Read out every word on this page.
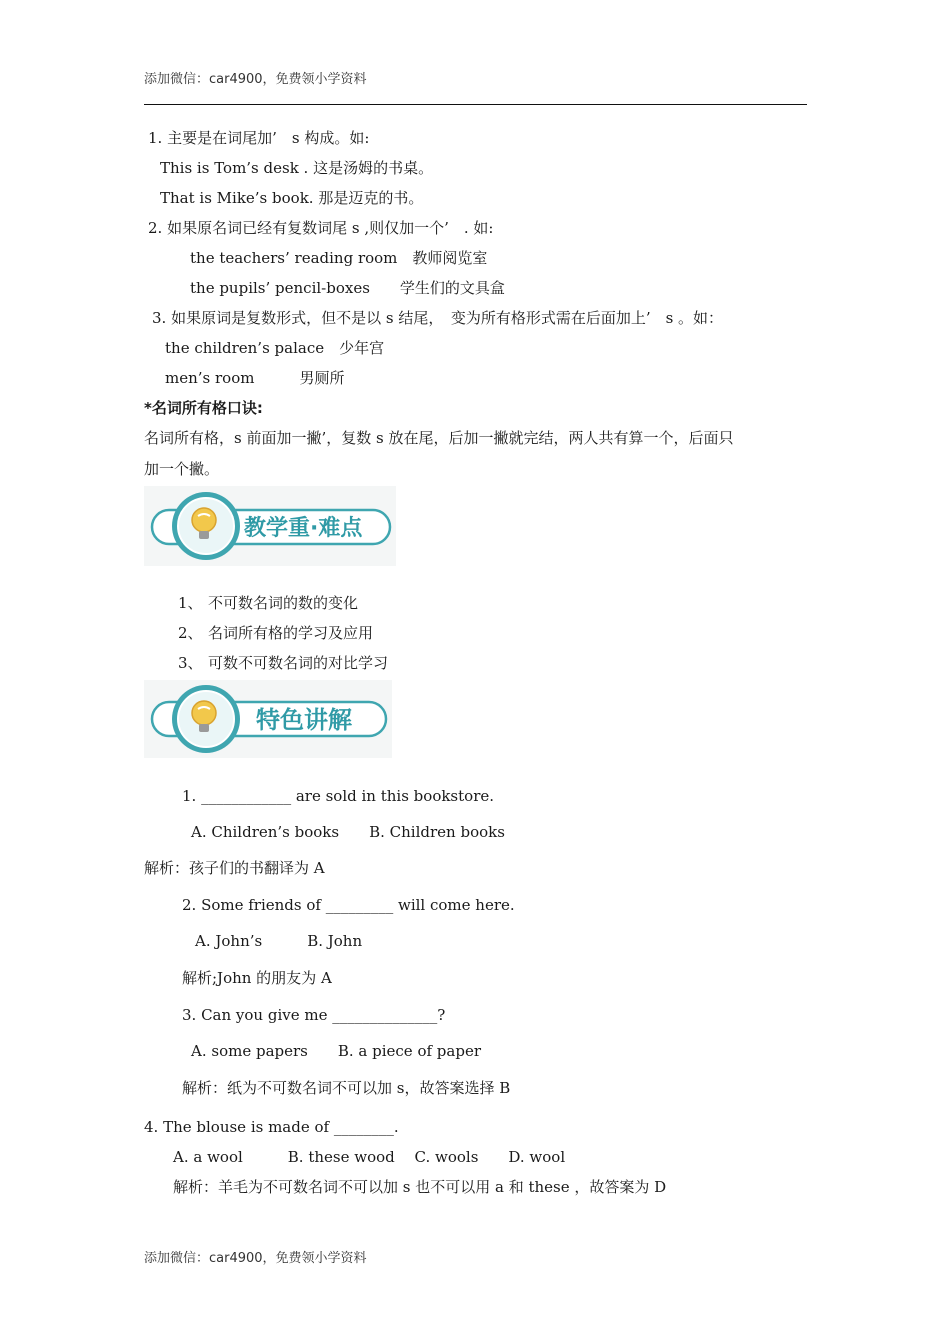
添加微信：car4900，免费领小学资料
1. 主要是在词尾加’　s 构成。如:
This is Tom’s desk . 这是汤姆的书桌。
That is Mike’s book. 那是迈克的书。
2. 如果原名词已经有复数词尾 s ,则仅加一个’　. 如:
the teachers’ reading room　教师阅览室
the pupils’ pencil-boxes　　学生们的文具盒
3. 如果原词是复数形式，但不是以 s 结尾，　变为所有格形式需在后面加上’　s 。如：
the children’s palace　少年宫
men’s room　　　男厕所
*名词所有格口诀:
名词所有格，s 前面加一撇’，复数 s 放在尾，后加一撇就完结，两人共有算一个，后面只
加一个撇。
教学重·难点
1、 不可数名词的数的变化
2、 名词所有格的学习及应用
3、 可数不可数名词的对比学习
特色讲解
1. ____________ are sold in this bookstore.
A. Children’s books　　B. Children books
解析：孩子们的书翻译为 A
2. Some friends of _________ will come here.
A. John’s　　　B. John
解析;John 的朋友为 A
3. Can you give me ______________?
A. some papers　　B. a piece of paper
解析：纸为不可数名词不可以加 s，故答案选择 B
4. The blouse is made of ________.
A. a wool　　　B. these wood　 C. wools　　D. wool
解析：羊毛为不可数名词不可以加 s 也不可以用 a 和 these ，故答案为 D
添加微信：car4900，免费领小学资料
